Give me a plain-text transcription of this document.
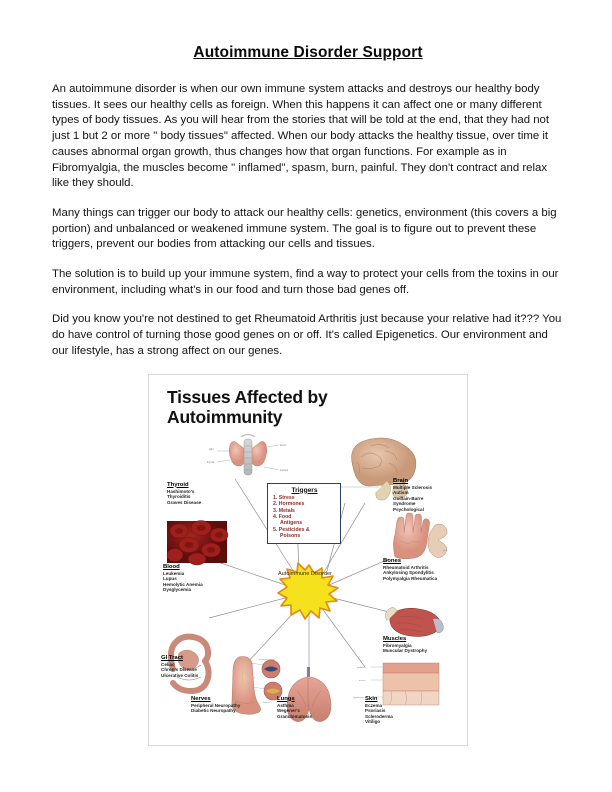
Autoimmune Disorder Support

An autoimmune disorder is when our own immune system attacks and destroys our healthy body tissues. It sees our healthy cells as foreign. When this happens it can affect one or many different types of body tissues. As you will hear from the stories that will be told at the end, that they had not just 1 but 2 or more " body tissues" affected. When our body attacks the healthy tissue, over time it causes abnormal organ growth, thus changes how that organ functions. For example as in Fibromyalgia, the muscles become " inflamed", spasm, burn, painful. They don't contract and relax like they should.

Many things can trigger our body to attack our healthy cells: genetics, environment (this covers a big portion) and unbalanced or weakened immune system. The goal is to figure out to prevent these triggers, prevent our bodies from attacking our cells and tissues.

The solution is to build up your immune system, find a way to protect your cells from the toxins in our environment, including what's in our food and turn those bad genes off.

Did you know you're not destined to get Rheumatoid Arthritis just because your relative had it??? You do have control of turning those good genes on or off. It's called Epigenetics. Our environment and our lifestyle, has a strong affect on our genes.

Tissues Affected by Autoimmunity
right
thyroid
larynx
trachea
joint
microvasculature
fascicle
epidermis
dermis
hypodermis
Triggers
1. Stress
2. Hormones
3. Metals
4. Food
Antigens
5. Pesticides &
Poisons
Autoimmune Disorder
Thyroid
Hashimoto's
Thyroiditis
Graves Disease
Blood
Leukemia
Lupus
Hemolytic Anemia
Dysglycemia
GI Tract
Celiac
Chron's Disease
Ulcerative Colitis
Nerves
Peripheral Neuropathy
Diabetic Neuropathy
Lungs
Asthma
Wegener's
Granulomatosis
Skin
Eczema
Psoriasis
Scleroderma
Vitiligo
Muscles
Fibromyalgia
Muscular Dystrophy
Bones
Rheumatoid Arthritis
Ankylosing Spondylitis
Polymyalgia Rheumatica
Brain
Multiple Sclerosis
Autism
Guillain-Barre
Syndrome
Psychological
